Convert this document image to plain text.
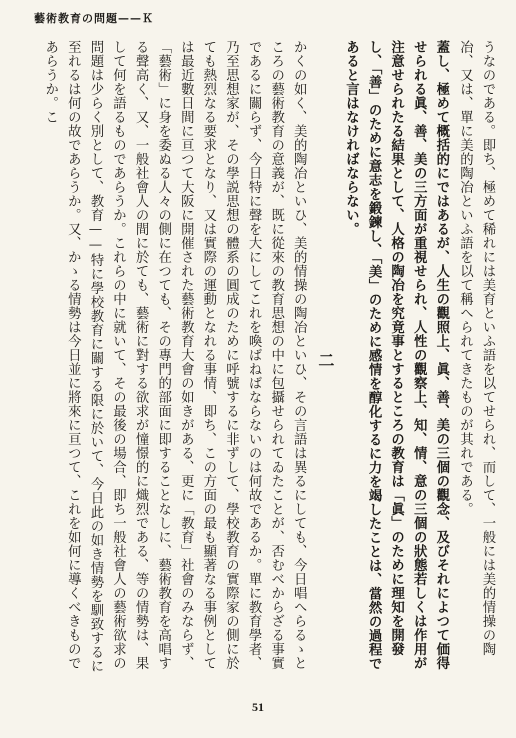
藝術教育の問題——Ｋ

うなのである。即ち、極めて稀れには美育といふ語を以てせられ、而して、一般には美的情操の陶冶、又は、單に美的陶冶といふ語を以て稱へられてきたものが其れである。

蓋し、極めて概括的にではあるが、人生の觀照上、眞、善、美の三個の觀念、及びそれによつて価得せられる眞、善、美の三方面が重視せられ、人性の觀察上、知、情、意の三個の狀態若しくは作用が注意せられたる結果として、人格の陶冶を究竟事とするところの教育は「眞」のために理知を開發し、「善」のために意志を鍛鍊し、「美」のために感情を醇化するに力を竭したことは、當然の過程であると言はなければならない。

二

かくの如く、美的陶冶といひ、美的情操の陶冶といひ、その言語は異るにしても、今日唱へらるゝところの藝術教育の意義が、既に從來の教育思想の中に包攝せられてゐたことが、否むべからざる事實であるに關らず、今日特に聲を大にしてこれを喚ばねばならないのは何故であるか。單に教育學者、乃至思想家が、その學説思想の體系の圓成のために呼號するに非ずして、學校教育の實際家の側に於ても熱烈なる要求となり、又は實際の運動となれる事情、即ち、この方面の最も顯著なる事例としては最近數日間に亘つて大阪に開催された藝術教育大會の如きがある、更に「教育」社會のみならず、「藝術」に身を委ぬる人々の側に在つても、その專門的部面に即することなしに、藝術教育を高唱する聲高く、又、一般社會人の間に於ても、藝術に對する欲求が憧憬的に熾烈である、等の情勢は、果して何を語るものであらうか。これらの中に就いて、その最後の場合、即ち一般社會人の藝術欲求の問題は少らく別として、教育——特に學校教育に關する限に於いて、今日此の如き情勢を馴致するに至れるは何の故であらうか。又、かゝる情勢は今日並に將來に亘つて、これを如何に導くべきものであらうか。こ

51
